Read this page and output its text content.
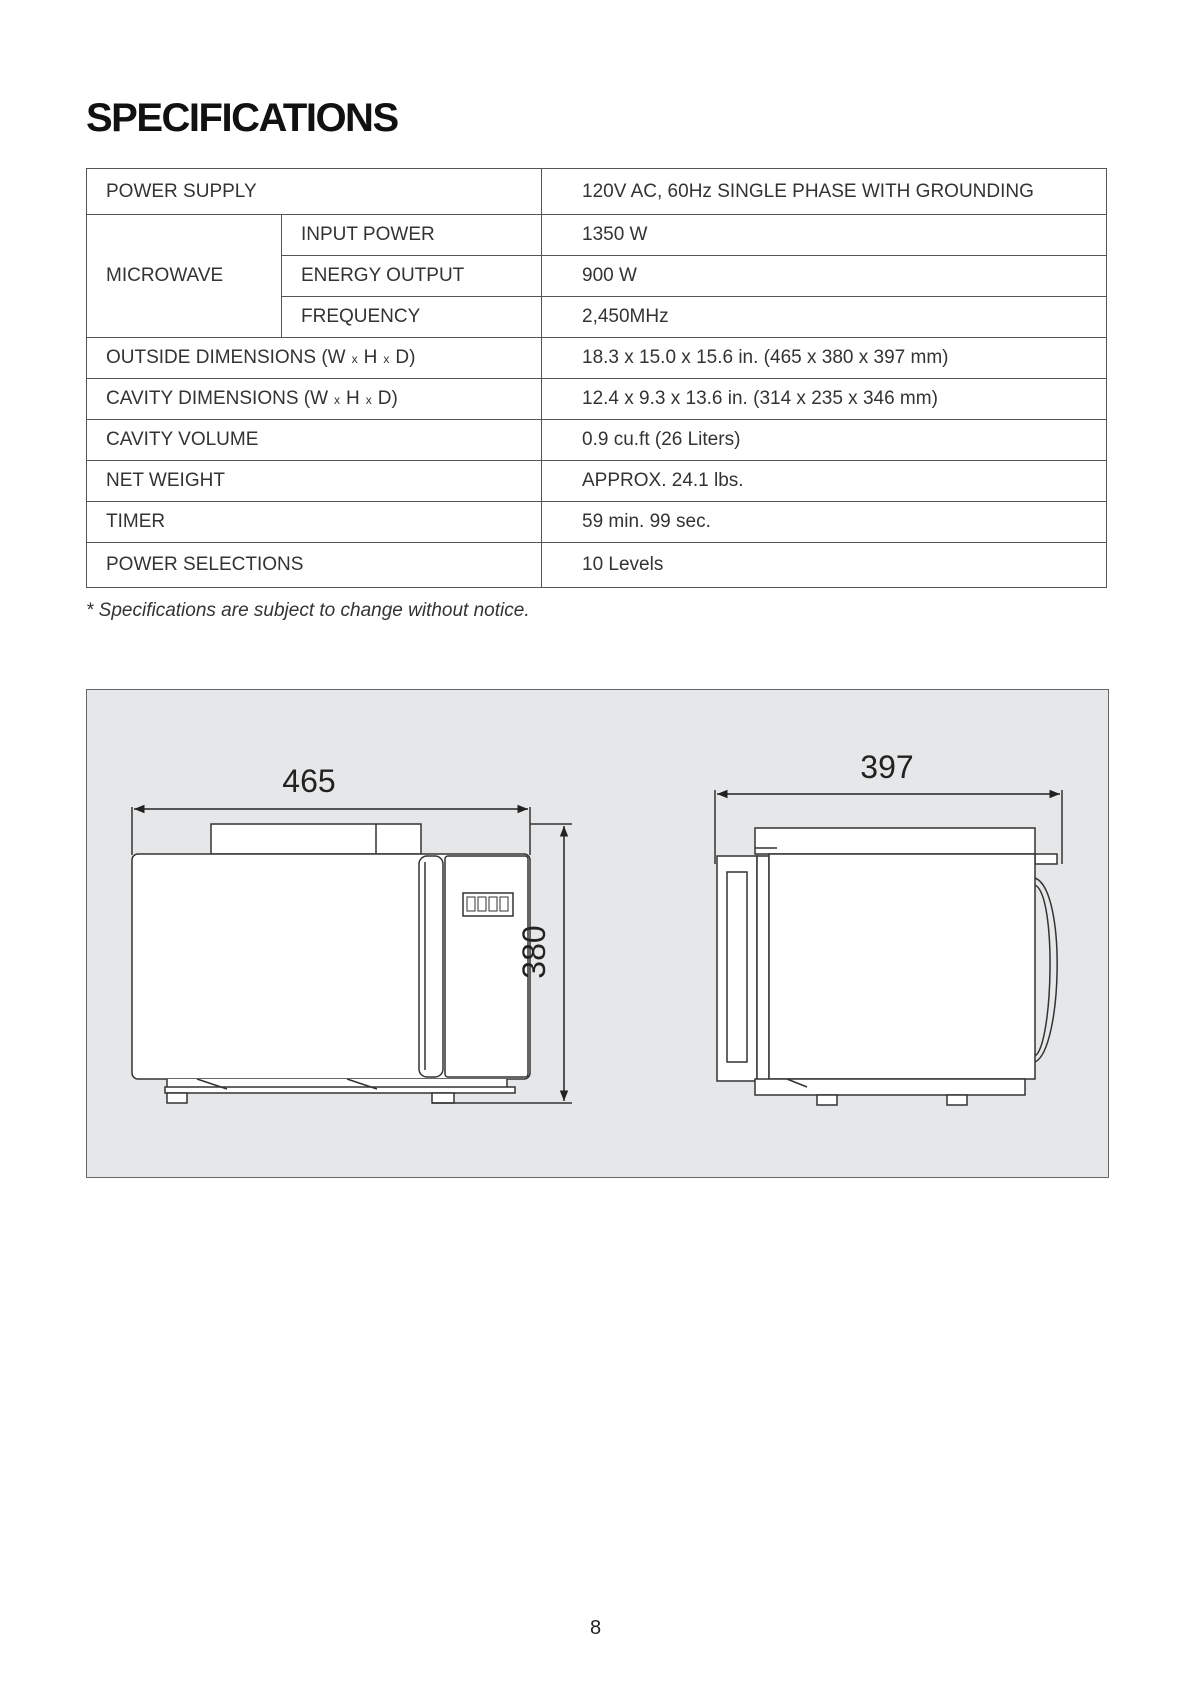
SPECIFICATIONS
POWER SUPPLY		120V AC, 60Hz SINGLE PHASE WITH GROUNDING
MICROWAVE	INPUT POWER	1350 W
	ENERGY OUTPUT	900 W
	FREQUENCY	2,450MHz
OUTSIDE DIMENSIONS (W x H x D)		18.3 x 15.0 x 15.6 in. (465 x 380 x 397 mm)
CAVITY DIMENSIONS (W x H x D)		12.4 x 9.3 x 13.6 in. (314 x 235 x 346 mm)
CAVITY VOLUME		0.9 cu.ft (26 Liters)
NET WEIGHT		APPROX. 24.1 lbs.
TIMER		59 min. 99 sec.
POWER SELECTIONS		10 Levels
* Specifications are subject to change without notice.
465	397
380
8
